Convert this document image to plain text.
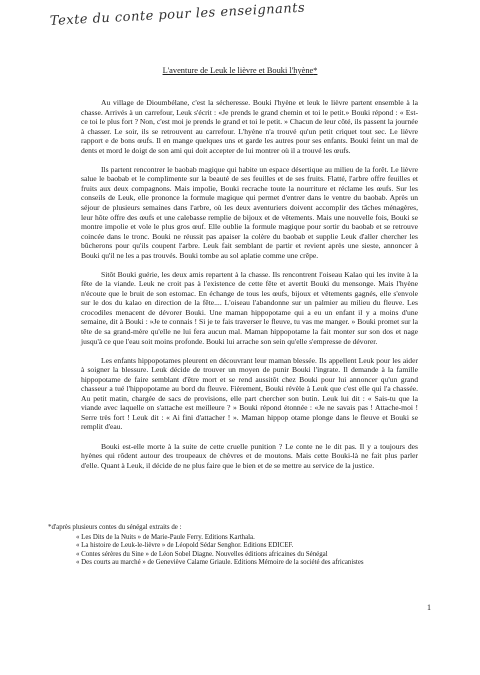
Texte du conte pour les enseignants
L'aventure de Leuk le lièvre et Bouki l'hyène*

Au village de Dioumbélane, c'est la sécheresse. Bouki l'hyène et leuk le lièvre partent ensemble à la chasse. Arrivés à un carrefour, Leuk s'écrit : «Je prends le grand chemin et toi le petit.» Bouki répond : « Est-ce toi le plus fort ? Non, c'est moi je prends le grand et toi le petit. » Chacun de leur côté, ils passent la journée à chasser. Le soir, ils se retrouvent au carrefour. L'hyène n'a trouvé qu'un petit criquet tout sec. Le lièvre rapport e de bons œufs. Il en mange quelques uns et garde les autres pour ses enfants. Bouki feint un mal de dents et mord le doigt de son ami qui doit accepter de lui montrer où il a trouvé les œufs.

Ils partent rencontrer le baobab magique qui habite un espace désertique au milieu de la forêt. Le lièvre salue le baobab et le complimente sur la beauté de ses feuilles et de ses fruits. Flatté, l'arbre offre feuilles et fruits aux deux compagnons. Mais impolie, Bouki recrache toute la nourriture et réclame les œufs. Sur les conseils de Leuk, elle prononce la formule magique qui permet d'entrer dans le ventre du baobab. Après un séjour de plusieurs semaines dans l'arbre, où les deux aventuriers doivent accomplir des tâches ménagères, leur hôte offre des œufs et une calebasse remplie de bijoux et de vêtements. Mais une nouvelle fois, Bouki se montre impolie et vole le plus gros œuf. Elle oublie la formule magique pour sortir du baobab et se retrouve coincée dans le tronc. Bouki ne réussit pas apaiser la colère du baobab et supplie Leuk d'aller chercher les bûcherons pour qu'ils coupent l'arbre. Leuk fait semblant de partir et revient après une sieste, annoncer à Bouki qu'il ne les a pas trouvés. Bouki tombe au sol aplatie comme une crêpe.

Sitôt Bouki guérie, les deux amis repartent à la chasse. Ils rencontrent l'oiseau Kalao qui les invite à la fête de la viande. Leuk ne croit pas à l'existence de cette fête et avertit Bouki du mensonge. Mais l'hyène n'écoute que le bruit de son estomac. En échange de tous les œufs, bijoux et vêtements gagnés, elle s'envole sur le dos du kalao en direction de la fête.... L'oiseau l'abandonne sur un palmier au milieu du fleuve. Les crocodiles menacent de dévorer Bouki. Une maman hippopotame qui a eu un enfant il y a moins d'une semaine, dit à Bouki : »Je te connais ! Si je te fais traverser le fleuve, tu vas me manger. » Bouki promet sur la tête de sa grand-mère qu'elle ne lui fera aucun mal. Maman hippopotame la fait monter sur son dos et nage jusqu'à ce que l'eau soit moins profonde. Bouki lui arrache son sein qu'elle s'empresse de dévorer.

Les enfants hippopotames pleurent en découvrant leur maman blessée. Ils appellent Leuk pour les aider à soigner la blessure. Leuk décide de trouver un moyen de punir Bouki l'ingrate. Il demande à la famille hippopotame de faire semblant d'être mort et se rend aussitôt chez Bouki pour lui annoncer qu'un grand chasseur a tué l'hippopotame au bord du fleuve. Fièrement, Bouki révèle à Leuk que c'est elle qui l'a chassée. Au petit matin, chargée de sacs de provisions, elle part chercher son butin. Leuk lui dit : « Sais-tu que la viande avec laquelle on s'attache est meilleure ? » Bouki répond étonnée : «Je ne savais pas ! Attache-moi ! Serre très fort ! Leuk dit : « Ai fini d'attacher ! ». Maman hippop otame plonge dans le fleuve et Bouki se remplit d'eau.

Bouki est-elle morte à la suite de cette cruelle punition ? Le conte ne le dit pas. Il y a toujours des hyènes qui rôdent autour des troupeaux de chèvres et de moutons. Mais cette Bouki-là ne fait plus parler d'elle. Quant à Leuk, il décide de ne plus faire que le bien et de se mettre au service de la justice.

*d'après plusieurs contes du sénégal extraits de :

« Les Dits de la Nuits » de Marie-Paule Ferry. Editions Karthala.

« La histoire de Leuk-le-lièvre » de Léopold Sédar Senghor. Editions EDICEF.

« Contes sérères du Sine » de Léon Sobel Diagne. Nouvelles éditions africaines du Sénégal

« Des courts au marché » de Geneviève Calame Griaule. Editions Mémoire de la société des africanistes

1
